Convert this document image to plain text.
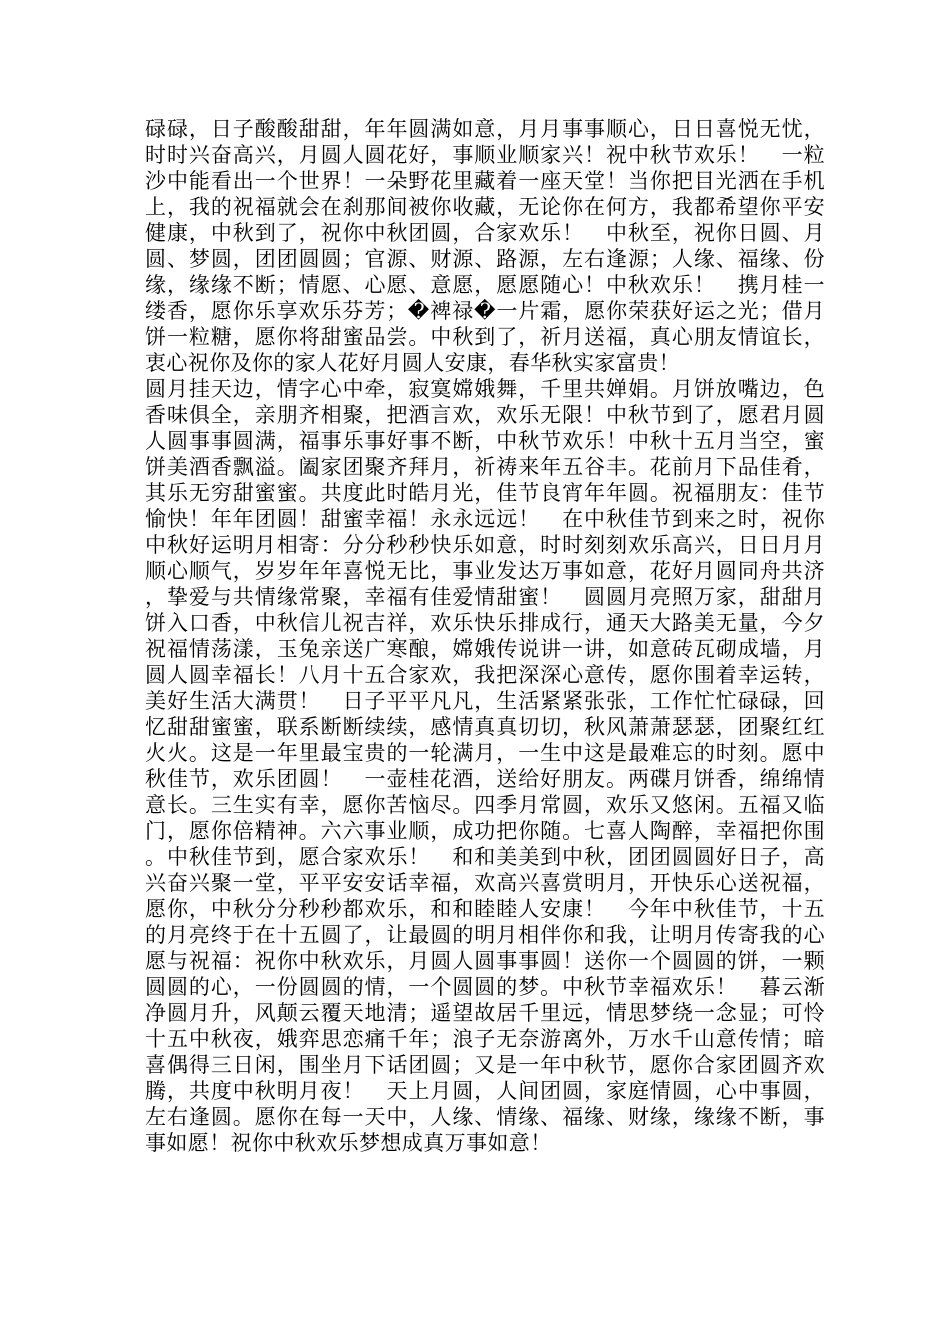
碌碌，日子酸酸甜甜，年年圆满如意，月月事事顺心，日日喜悦无忧，时时兴奋高兴，月圆人圆花好，事顺业顺家兴！祝中秋节欢乐！　一粒沙中能看出一个世界！一朵野花里藏着一座天堂！当你把目光洒在手机上，我的祝福就会在刹那间被你收藏，无论你在何方，我都希望你平安健康，中秋到了，祝你中秋团圆，合家欢乐！　中秋至，祝你日圆、月圆、梦圆，团团圆圆；官源、财源、路源，左右逢源；人缘、福缘、份缘，缘缘不断；情愿、心愿、意愿，愿愿随心！中秋欢乐！　携月桂一缕香，愿你乐享欢乐芬芳；�裨禄�一片霜，愿你荣获好运之光；借月饼一粒糖，愿你将甜蜜品尝。中秋到了，祈月送福，真心朋友情谊长，衷心祝你及你的家人花好月圆人安康，春华秋实家富贵！

圆月挂天边，情字心中牵，寂寞嫦娥舞，千里共婵娟。月饼放嘴边，色香味俱全，亲朋齐相聚，把酒言欢，欢乐无限！中秋节到了，愿君月圆人圆事事圆满，福事乐事好事不断，中秋节欢乐！中秋十五月当空，蜜饼美酒香飘溢。阖家团聚齐拜月，祈祷来年五谷丰。花前月下品佳肴，其乐无穷甜蜜蜜。共度此时皓月光，佳节良宵年年圆。祝福朋友：佳节愉快！年年团圆！甜蜜幸福！永永远远！　在中秋佳节到来之时，祝你中秋好运明月相寄：分分秒秒快乐如意，时时刻刻欢乐高兴，日日月月顺心顺气，岁岁年年喜悦无比，事业发达万事如意，花好月圆同舟共济，挚爱与共情缘常聚，幸福有佳爱情甜蜜！　圆圆月亮照万家，甜甜月饼入口香，中秋信儿祝吉祥，欢乐快乐排成行，通天大路美无量，今夕祝福情荡漾，玉兔亲送广寒酿，嫦娥传说讲一讲，如意砖瓦砌成墙，月圆人圆幸福长！八月十五合家欢，我把深深心意传，愿你围着幸运转，美好生活大满贯！　日子平平凡凡，生活紧紧张张，工作忙忙碌碌，回忆甜甜蜜蜜，联系断断续续，感情真真切切，秋风萧萧瑟瑟，团聚红红火火。这是一年里最宝贵的一轮满月，一生中这是最难忘的时刻。愿中秋佳节，欢乐团圆！　一壶桂花酒，送给好朋友。两碟月饼香，绵绵情意长。三生实有幸，愿你苦恼尽。四季月常圆，欢乐又悠闲。五福又临门，愿你倍精神。六六事业顺，成功把你随。七喜人陶醉，幸福把你围。中秋佳节到，愿合家欢乐！　和和美美到中秋，团团圆圆好日子，高兴奋兴聚一堂，平平安安话幸福，欢高兴喜赏明月，开快乐心送祝福，愿你，中秋分分秒秒都欢乐，和和睦睦人安康！　今年中秋佳节，十五的月亮终于在十五圆了，让最圆的明月相伴你和我，让明月传寄我的心愿与祝福：祝你中秋欢乐，月圆人圆事事圆！送你一个圆圆的饼，一颗圆圆的心，一份圆圆的情，一个圆圆的梦。中秋节幸福欢乐！　暮云渐净圆月升，风颠云覆天地清；遥望故居千里远，情思梦绕一念显；可怜十五中秋夜，娥弈思恋痛千年；浪子无奈游离外，万水千山意传情；暗喜偶得三日闲，围坐月下话团圆；又是一年中秋节，愿你合家团圆齐欢腾，共度中秋明月夜！　天上月圆，人间团圆，家庭情圆，心中事圆，左右逢圆。愿你在每一天中，人缘、情缘、福缘、财缘，缘缘不断，事事如愿！祝你中秋欢乐梦想成真万事如意！
